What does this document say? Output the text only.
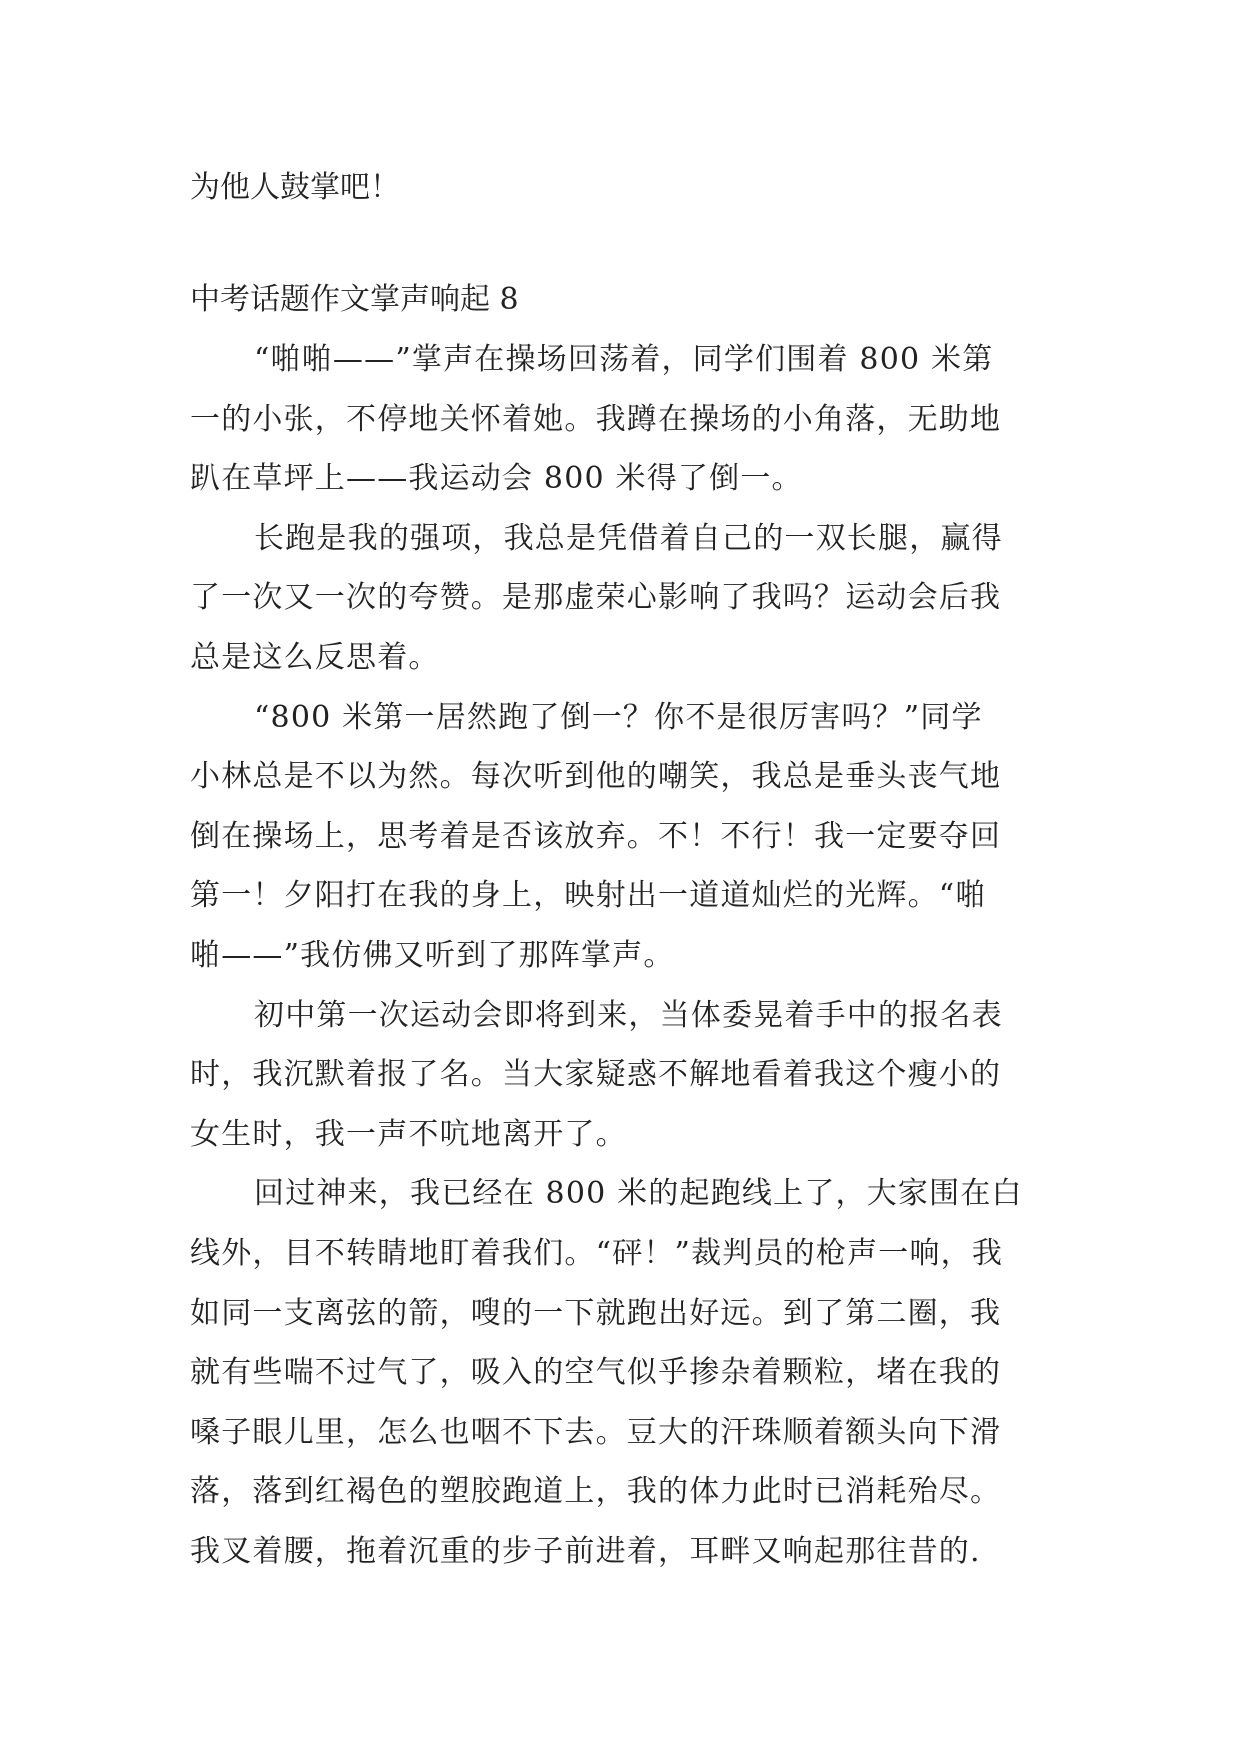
为他人鼓掌吧！
中考话题作文掌声响起 8
“啪啪——”掌声在操场回荡着，同学们围着 800 米第
一的小张，不停地关怀着她。我蹲在操场的小角落，无助地
趴在草坪上——我运动会 800 米得了倒一。
长跑是我的强项，我总是凭借着自己的一双长腿，赢得
了一次又一次的夸赞。是那虚荣心影响了我吗？运动会后我
总是这么反思着。
“800 米第一居然跑了倒一？你不是很厉害吗？”同学
小林总是不以为然。每次听到他的嘲笑，我总是垂头丧气地
倒在操场上，思考着是否该放弃。不！不行！我一定要夺回
第一！夕阳打在我的身上，映射出一道道灿烂的光辉。“啪
啪——”我仿佛又听到了那阵掌声。
初中第一次运动会即将到来，当体委晃着手中的报名表
时，我沉默着报了名。当大家疑惑不解地看着我这个瘦小的
女生时，我一声不吭地离开了。
回过神来，我已经在 800 米的起跑线上了，大家围在白
线外，目不转睛地盯着我们。“砰！”裁判员的枪声一响，我
如同一支离弦的箭，嗖的一下就跑出好远。到了第二圈，我
就有些喘不过气了，吸入的空气似乎掺杂着颗粒，堵在我的
嗓子眼儿里，怎么也咽不下去。豆大的汗珠顺着额头向下滑
落，落到红褐色的塑胶跑道上，我的体力此时已消耗殆尽。
我叉着腰，拖着沉重的步子前进着，耳畔又响起那往昔的.
